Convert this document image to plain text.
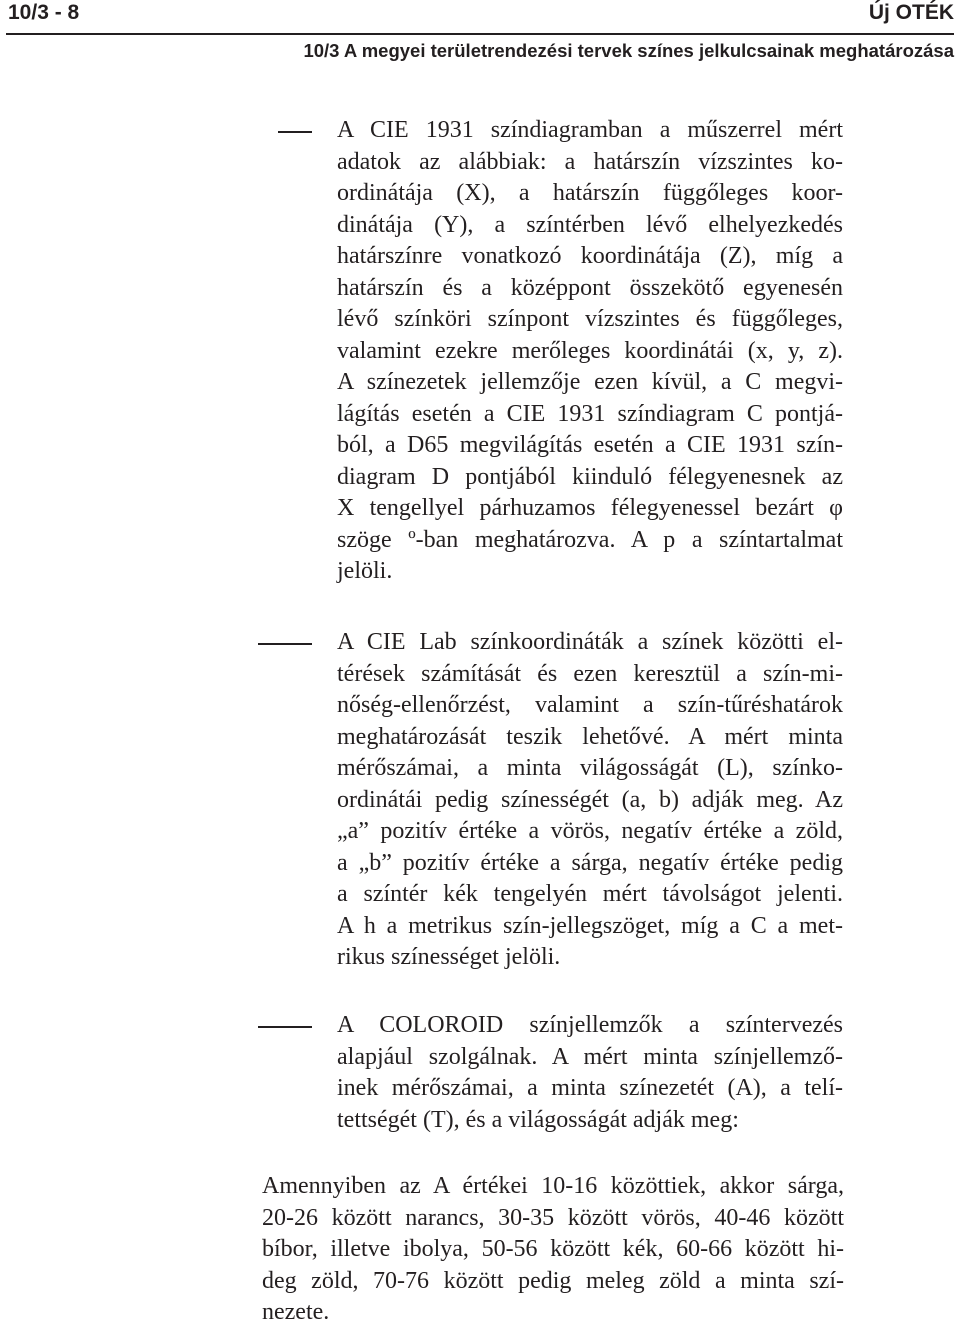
10/3 - 8	Új OTÉK
10/3 A megyei területrendezési tervek színes jelkulcsainak meghatározása
A CIE 1931 színdiagramban a műszerrel mért
adatok az alábbiak: a határszín vízszintes ko-
ordinátája (X), a határszín függőleges koor-
dinátája (Y), a színtérben lévő elhelyezkedés
határszínre vonatkozó koordinátája (Z), míg a
határszín és a középpont összekötő egyenesén
lévő színköri színpont vízszintes és függőleges,
valamint ezekre merőleges koordinátái (x, y, z).
A színezetek jellemzője ezen kívül, a C megvi-
lágítás esetén a CIE 1931 színdiagram C pontjá-
ból, a D65 megvilágítás esetén a CIE 1931 szín-
diagram D pontjából kiinduló félegyenesnek az
X tengellyel párhuzamos félegyenessel bezárt φ
szöge º-ban meghatározva. A p a színtartalmat
jelöli.
A CIE Lab színkoordináták a színek közötti el-
térések számítását és ezen keresztül a szín-mi-
nőség-ellenőrzést, valamint a szín-tűréshatárok
meghatározását teszik lehetővé. A mért minta
mérőszámai, a minta világosságát (L), színko-
ordinátái pedig színességét (a, b) adják meg. Az
„a” pozitív értéke a vörös, negatív értéke a zöld,
a „b” pozitív értéke a sárga, negatív értéke pedig
a színtér kék tengelyén mért távolságot jelenti.
A h a metrikus szín-jellegszöget, míg a C a met-
rikus színességet jelöli.
A COLOROID színjellemzők a színtervezés
alapjául szolgálnak. A mért minta színjellemző-
inek mérőszámai, a minta színezetét (A), a telí-
tettségét (T), és a világosságát adják meg:
Amennyiben az A értékei 10-16 közöttiek, akkor sárga,
20-26 között narancs, 30-35 között vörös, 40-46 között
bíbor, illetve ibolya, 50-56 között kék, 60-66 között hi-
deg zöld, 70-76 között pedig meleg zöld a minta szí-
nezete.
